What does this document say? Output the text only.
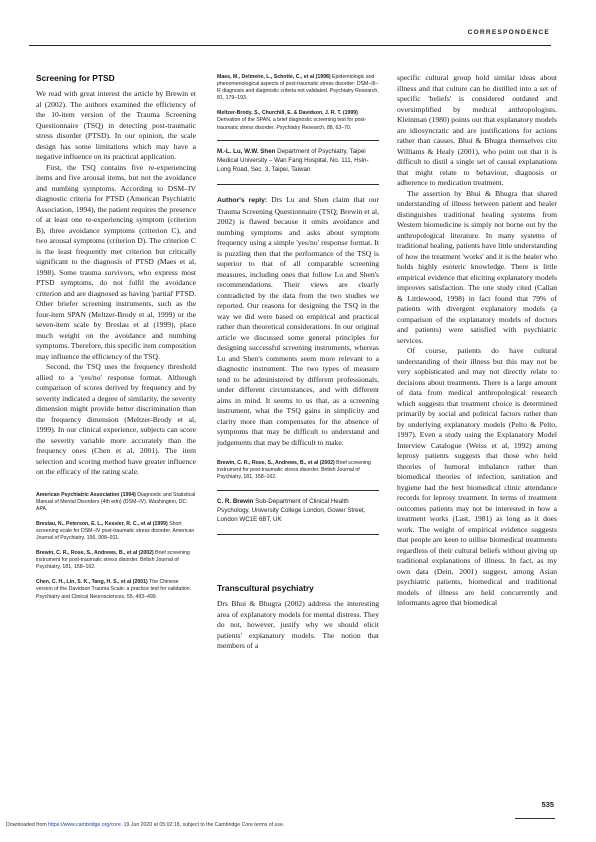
CORRESPONDENCE
Screening for PTSD

We read with great interest the article by Brewin et al (2002). The authors examined the efficiency of the 10-item version of the Trauma Screening Questionnaire (TSQ) in detecting post-traumatic stress disorder (PTSD). In our opinion, the scale design has some limitations which may have a negative influence on its practical application.

First, the TSQ contains five re-experiencing items and five arousal items, but not the avoidance and numbing symptoms. According to DSM–IV diagnostic criteria for PTSD (American Psychiatric Association, 1994), the patient requires the presence of at least one re-experiencing symptom (criterion B), three avoidance symptoms (criterion C), and two arousal symptoms (criterion D). The criterion C is the least frequently met criterion but critically significant to the diagnosis of PTSD (Maes et al, 1998). Some trauma survivors, who express most PTSD symptoms, do not fulfil the avoidance criterion and are diagnosed as having 'partial' PTSD. Other briefer screening instruments, such as the four-item SPAN (Meltzer-Brody et al, 1999) or the seven-item scale by Breslau et al (1999), place much weight on the avoidance and numbing symptoms. Therefore, this specific item composition may influence the efficiency of the TSQ.

Second, the TSQ uses the frequency threshold allied to a 'yes/no' response format. Although comparison of scores derived by frequency and by severity indicated a degree of similarity, the severity dimension might provide better discrimination than the frequency dimension (Meltzer-Brody et al, 1999). In our clinical experience, subjects can score the severity variable more accurately than the frequency ones (Chen et al, 2001). The item selection and scoring method have greater influence on the efficacy of the rating scale.

American Psychiatric Association (1994) Diagnostic and Statistical Manual of Mental Disorders (4th edn) (DSM–IV). Washington, DC: APA.

Breslau, N., Peterson, E. L., Kessler, R. C., et al (1999) Short screening scale for DSM–IV post-traumatic stress disorder. American Journal of Psychiatry, 156, 908–911.

Brewin, C. R., Rose, S., Andrews, B., et al (2002) Brief screening instrument for post-traumatic stress disorder. British Journal of Psychiatry, 181, 158–162.

Chen, C. H., Lin, S. K., Tang, H. S., et al (2001) The Chinese version of the Davidson Trauma Scale: a practice test for validation. Psychiatry and Clinical Neurosciences, 55, 493–499.

Maes, M., Delmeire, L., Schotte, C., et al (1998) Epidemiologic and phenomenological aspects of post-traumatic stress disorder: DSM–III–R diagnosis and diagnostic criteria not validated. Psychiatry Research, 81, 179–193.

Meltzer-Brody, S., Churchill, E. & Davidson, J. R. T. (1999) Derivation of the SPAN, a brief diagnostic screening test for post-traumatic stress disorder. Psychiatry Research, 88, 63–70.

M.-L. Lu, W.W. Shen Department of Psychiatry, Taipei Medical University – Wan Fang Hospital, No. 111, Hsin-Long Road, Sec. 3, Taipei, Taiwan

Author's reply: Drs Lu and Shen claim that our Trauma Screening Questionnaire (TSQ; Brewin et al, 2002) is flawed because it omits avoidance and numbing symptoms and asks about symptom frequency using a simple 'yes/no' response format. It is puzzling then that the performance of the TSQ is superior to that of all comparable screening measures, including ones that follow Lu and Shen's recommendations. Their views are clearly contradicted by the data from the two studies we reported. Our reasons for designing the TSQ in the way we did were based on empirical and practical rather than theoretical considerations. In our original article we discussed some general principles for designing successful screening instruments, whereas Lu and Shen's comments seem more relevant to a diagnostic instrument. The two types of measure tend to be administered by different professionals, under different circumstances, and with different aims in mind. It seems to us that, as a screening instrument, what the TSQ gains in simplicity and clarity more than compensates for the absence of symptoms that may be difficult to understand and judgements that may be difficult to make.

Brewin, C. R., Rose, S., Andrews, B., et al (2002) Brief screening instrument for post-traumatic stress disorder. British Journal of Psychiatry, 181, 158–162.

C. R. Brewin Sub-Department of Clinical Health Psychology, University College London, Gower Street, London WC1E 6BT, UK
Transcultural psychiatry

Drs Bhui & Bhugra (2002) address the interesting area of explanatory models for mental distress. They do not, however, justify why we should elicit patients' explanatory models. The notion that members of a

specific cultural group hold similar ideas about illness and that culture can be distilled into a set of specific 'beliefs' is considered outdated and oversimplified by medical anthropologists. Kleinman (1980) points out that explanatory models are idiosyncratic and are justifications for actions rather than causes. Bhui & Bhugra themselves cite Williams & Healy (2001), who point out that it is difficult to distil a single set of causal explanations that might relate to behaviour, diagnosis or adherence to medication treatment.

The assertion by Bhui & Bhugra that shared understanding of illness between patient and healer distinguishes traditional healing systems from Western biomedicine is simply not borne out by the anthropological literature. In many systems of traditional healing, patients have little understanding of how the treatment 'works' and it is the healer who holds highly esoteric knowledge. There is little empirical evidence that eliciting explanatory models improves satisfaction. The one study cited (Callan & Littlewood, 1998) in fact found that 79% of patients with divergent explanatory models (a comparison of the explanatory models of doctors and patients) were satisfied with psychiatric services.

Of course, patients do have cultural understanding of their illness but this may not be very sophisticated and may not directly relate to decisions about treatments. There is a large amount of data from medical anthropological research which suggests that treatment choice is determined primarily by social and political factors rather than by underlying explanatory models (Pelto & Pelto, 1997). Even a study using the Explanatory Model Interview Catalogue (Weiss et al, 1992) among leprosy patients suggests that those who held theories of humoral imbalance rather than biomedical theories of infection, sanitation and hygiene had the best biomedical clinic attendance records for leprosy treatment. In terms of treatment outcomes patients may not be interested in how a treatment works (Last, 1981) as long as it does work. The weight of empirical evidence suggests that people are keen to utilise biomedical treatments regardless of their cultural beliefs without giving up traditional explanations of illness. In fact, as my own data (Dein, 2001) suggest, among Asian psychiatric patients, biomedical and traditional models of illness are held concurrently and informants agree that biomedical

535
Downloaded from https://www.cambridge.org/core. 19 Jun 2020 at 05:02:18, subject to the Cambridge Core terms of use.
